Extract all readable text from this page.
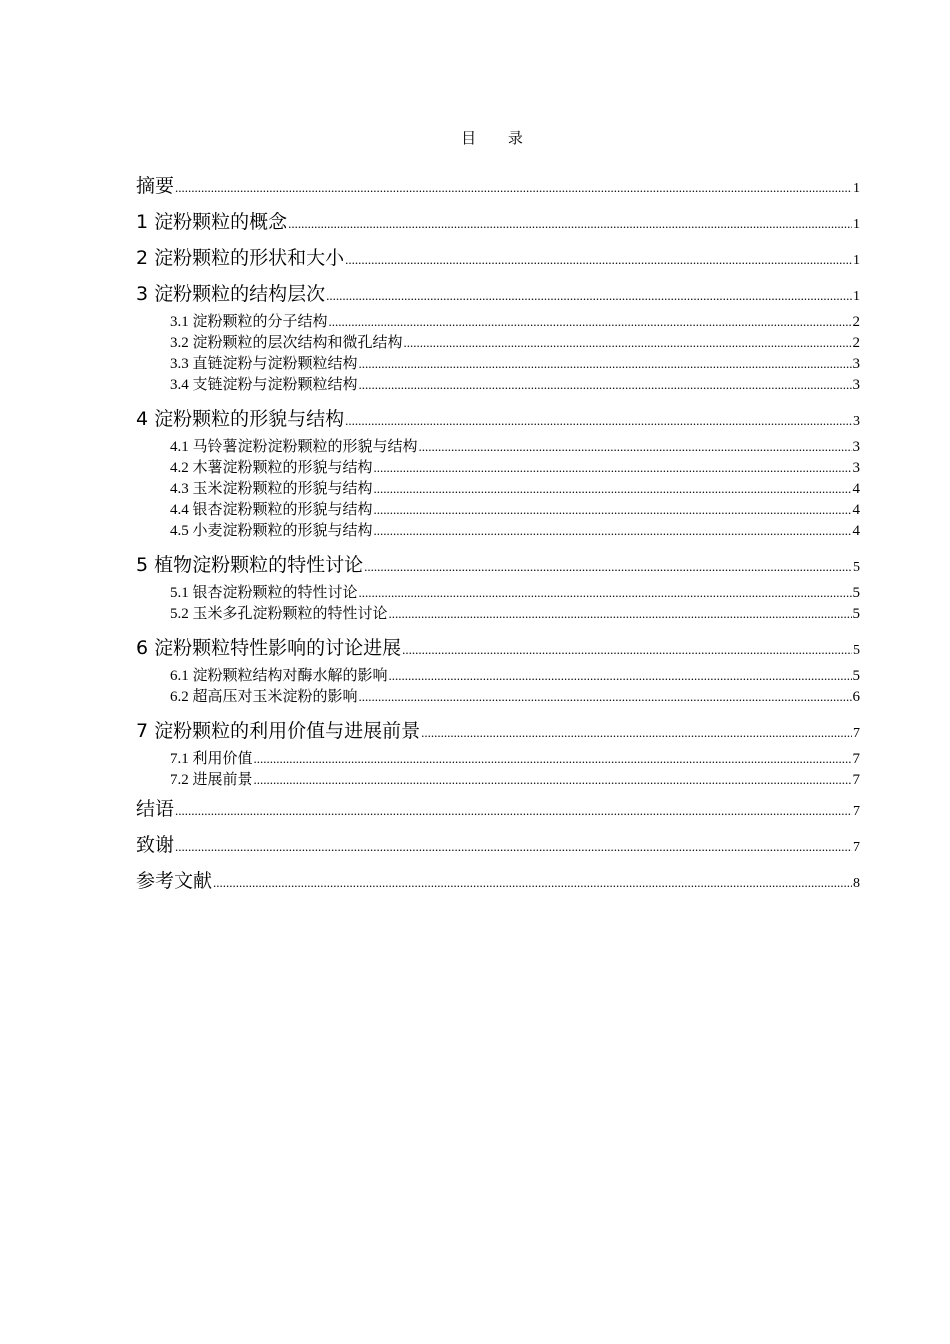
目 录
摘要 .....	1
1 淀粉颗粒的概念 .....	1
2 淀粉颗粒的形状和大小 .....	1
3 淀粉颗粒的结构层次 .....	1
3.1 淀粉颗粒的分子结构 .....	2
3.2 淀粉颗粒的层次结构和微孔结构 .....	2
3.3 直链淀粉与淀粉颗粒结构 .....	3
3.4 支链淀粉与淀粉颗粒结构 .....	3
4 淀粉颗粒的形貌与结构 .....	3
4.1 马铃薯淀粉淀粉颗粒的形貌与结构 .....	3
4.2 木薯淀粉颗粒的形貌与结构 .....	3
4.3 玉米淀粉颗粒的形貌与结构 .....	4
4.4 银杏淀粉颗粒的形貌与结构 .....	4
4.5 小麦淀粉颗粒的形貌与结构 .....	4
5 植物淀粉颗粒的特性讨论 .....	5
5.1 银杏淀粉颗粒的特性讨论 .....	5
5.2 玉米多孔淀粉颗粒的特性讨论 .....	5
6 淀粉颗粒特性影响的讨论进展 .....	5
6.1 淀粉颗粒结构对酶水解的影响 .....	5
6.2 超高压对玉米淀粉的影响 .....	6
7 淀粉颗粒的利用价值与进展前景 .....	7
7.1 利用价值 .....	7
7.2 进展前景 .....	7
结语 .....	7
致谢 .....	7
参考文献 .....	8
